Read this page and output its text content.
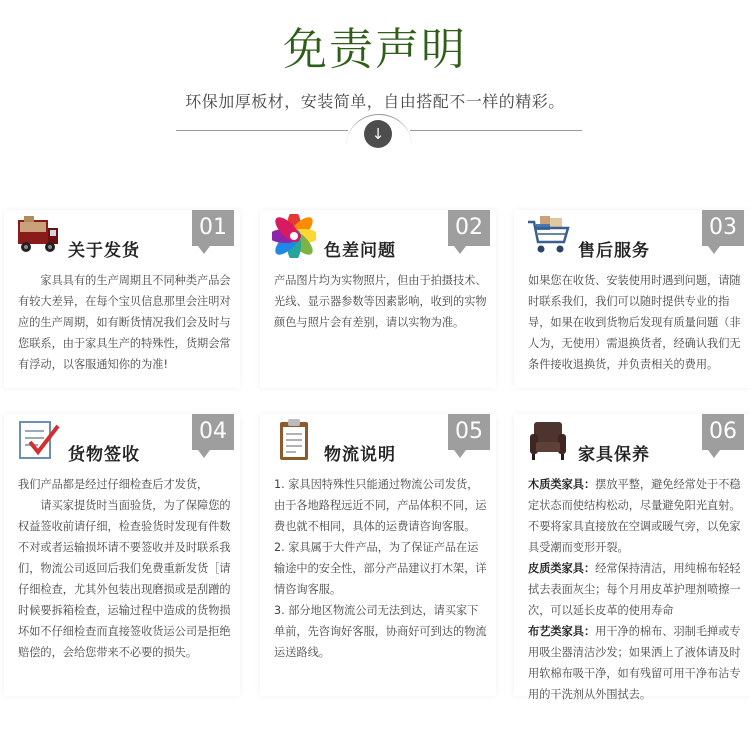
免责声明
环保加厚板材，安装简单，自由搭配不一样的精彩。
↓
关于发货
01

家具具有的生产周期且不同种类产品会有较大差异，在每个宝贝信息那里会注明对应的生产周期，如有断货情况我们会及时与您联系，由于家具生产的特殊性，货期会常有浮动，以客服通知你的为准!

色差问题
02

产品图片均为实物照片，但由于拍摄技术、光线、显示器参数等因素影响，收到的实物颜色与照片会有差别，请以实物为准。

售后服务
03

如果您在收货、安装使用时遇到问题，请随时联系我们，我们可以随时提供专业的指导，如果在收到货物后发现有质量问题（非人为，无使用）需退换货者，经确认我们无条件接收退换货，并负责相关的费用。

货物签收
04

我们产品都是经过仔细检查后才发货，

请买家提货时当面验货，为了保障您的权益签收前请仔细，检查验货时发现有件数不对或者运输损坏请不要签收并及时联系我们，物流公司返回后我们免费重新发货［请仔细检查，尤其外包装出现磨损或是刮蹭的时候要拆箱检查，运输过程中造成的货物损坏如不仔细检查而直接签收货运公司是拒绝赔偿的，会给您带来不必要的损失。

物流说明
05

1. 家具因特殊性只能通过物流公司发货，由于各地路程远近不同，产品体积不同，运费也就不相同，具体的运费请咨询客服。

2. 家具属于大件产品，为了保证产品在运输途中的安全性，部分产品建议打木架，详情咨询客服。

3. 部分地区物流公司无法到达，请买家下单前，先咨询好客服，协商好可到达的物流运送路线。

家具保养
06

木质类家具：摆放平整，避免经常处于不稳定状态而使结构松动，尽量避免阳光直射。不要将家具直接放在空调或暖气旁，以免家具受潮而变形开裂。

皮质类家具：经常保持清洁，用纯棉布轻轻拭去表面灰尘；每个月用皮革护理剂喷擦一次，可以延长皮革的使用寿命

布艺类家具：用干净的棉布、羽制毛掸或专用吸尘器清洁沙发；如果洒上了液体请及时用软棉布吸干净，如有残留可用干净布沾专用的干洗剂从外围拭去。
